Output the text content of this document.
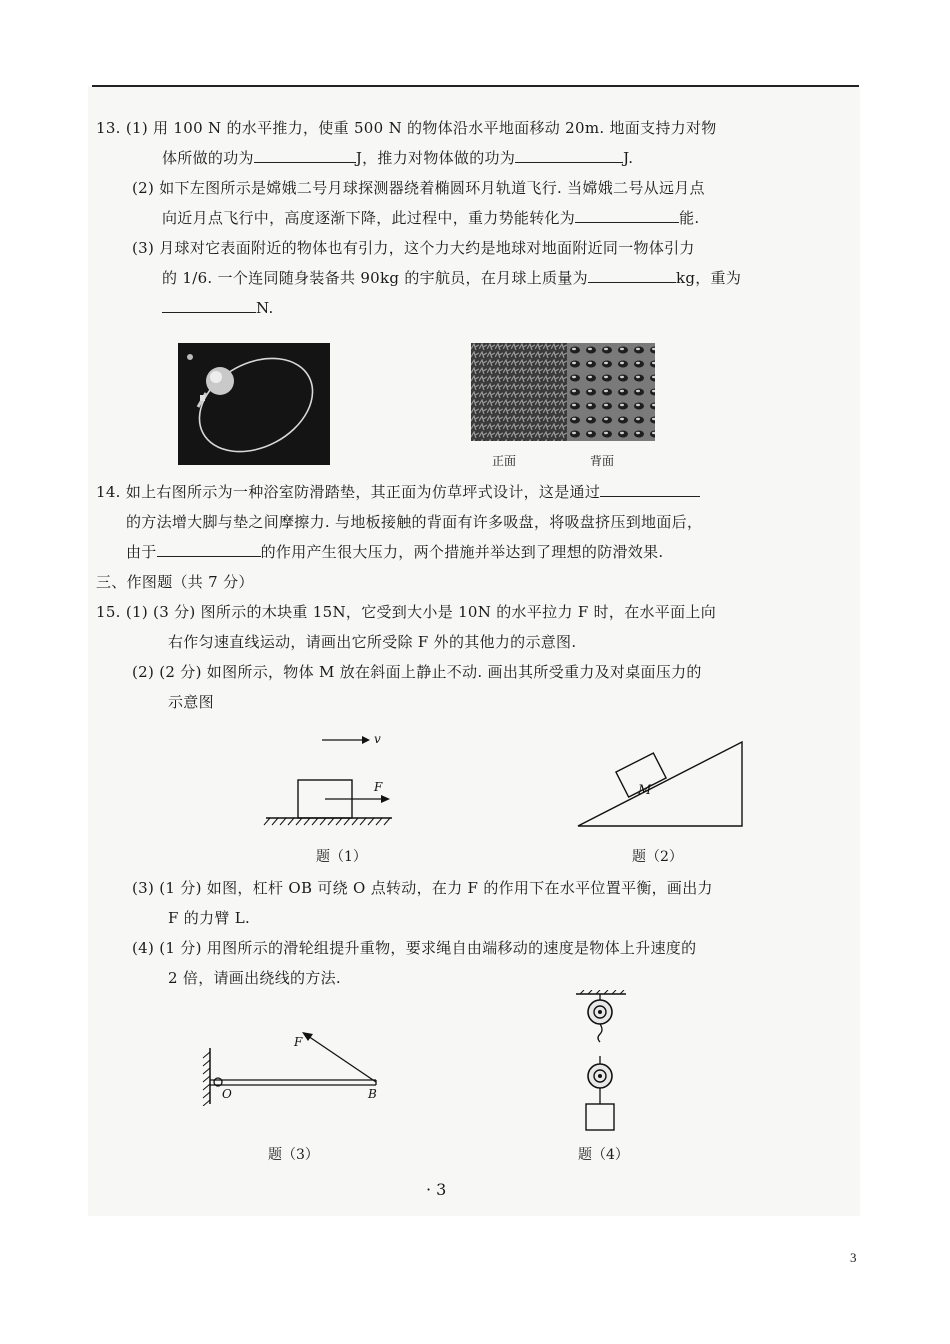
13. (1) 用 100 N 的水平推力，使重 500 N 的物体沿水平地面移动 20m. 地面支持力对物
体所做的功为	J，推力对物体做的功为	J.
(2) 如下左图所示是嫦娥二号月球探测器绕着椭圆环月轨道飞行. 当嫦娥二号从远月点
向近月点飞行中，高度逐渐下降，此过程中，重力势能转化为	能.
(3) 月球对它表面附近的物体也有引力，这个力大约是地球对地面附近同一物体引力
的 1/6. 一个连同随身装备共 90kg 的宇航员，在月球上质量为	kg，重为
N.
正面	背面
14. 如上右图所示为一种浴室防滑踏垫，其正面为仿草坪式设计，这是通过
的方法增大脚与垫之间摩擦力. 与地板接触的背面有许多吸盘，将吸盘挤压到地面后，
由于	的作用产生很大压力，两个措施并举达到了理想的防滑效果.
三、作图题（共 7 分）
15. (1) (3 分) 图所示的木块重 15N，它受到大小是 10N 的水平拉力 F 时，在水平面上向
右作匀速直线运动，请画出它所受除 F 外的其他力的示意图.
(2) (2 分) 如图所示，物体 M 放在斜面上静止不动. 画出其所受重力及对桌面压力的
示意图
v
F
题（1）
M
题（2）
(3) (1 分) 如图，杠杆 OB 可绕 O 点转动，在力 F 的作用下在水平位置平衡，画出力
F 的力臂 L.
(4) (1 分) 用图所示的滑轮组提升重物，要求绳自由端移动的速度是物体上升速度的
2 倍，请画出绕线的方法.
F
O	B
题（3）	题（4）
· 3
3
